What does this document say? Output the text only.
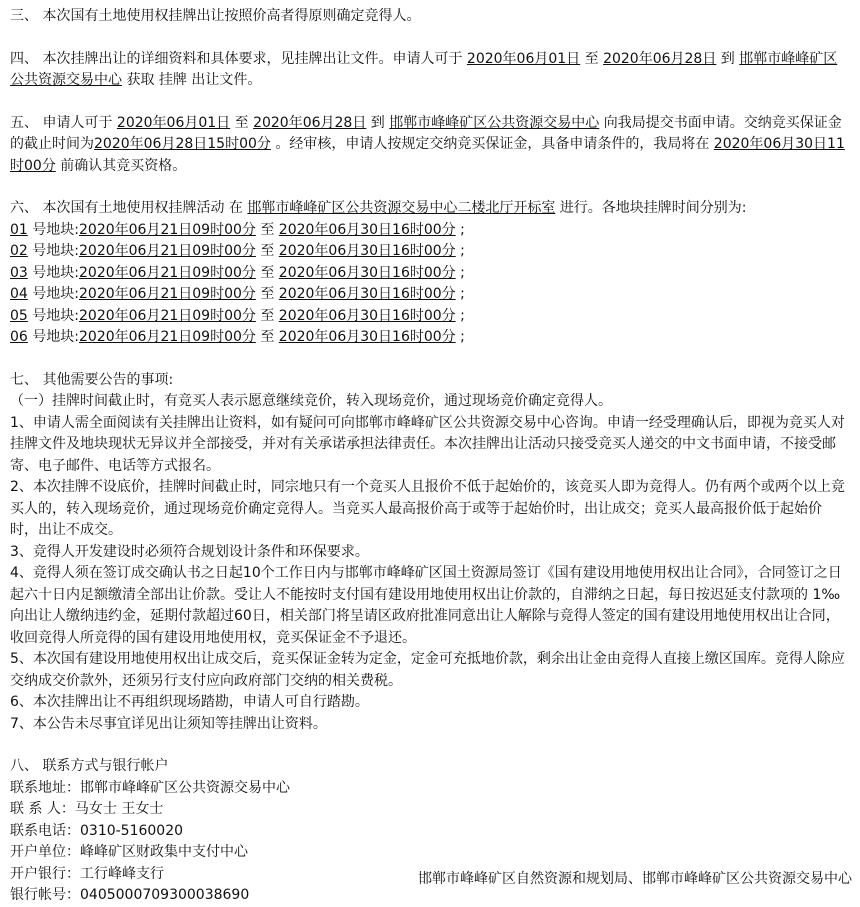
三、 本次国有土地使用权挂牌出让按照价高者得原则确定竞得人。

四、 本次挂牌出让的详细资料和具体要求，见挂牌出让文件。申请人可于 2020年06月01日 至 2020年06月28日 到 邯郸市峰峰矿区公共资源交易中心 获取 挂牌 出让文件。

五、 申请人可于 2020年06月01日 至 2020年06月28日 到 邯郸市峰峰矿区公共资源交易中心 向我局提交书面申请。交纳竞买保证金的截止时间为2020年06月28日15时00分 。经审核，申请人按规定交纳竞买保证金，具备申请条件的，我局将在 2020年06月30日11时00分 前确认其竞买资格。

六、 本次国有土地使用权挂牌活动 在 邯郸市峰峰矿区公共资源交易中心二楼北厅开标室 进行。各地块挂牌时间分别为:

01 号地块:2020年06月21日09时00分 至 2020年06月30日16时00分 ;
02 号地块:2020年06月21日09时00分 至 2020年06月30日16时00分 ;
03 号地块:2020年06月21日09时00分 至 2020年06月30日16时00分 ;
04 号地块:2020年06月21日09时00分 至 2020年06月30日16时00分 ;
05 号地块:2020年06月21日09时00分 至 2020年06月30日16时00分 ;
06 号地块:2020年06月21日09时00分 至 2020年06月30日16时00分 ;

七、 其他需要公告的事项:

（一）挂牌时间截止时，有竞买人表示愿意继续竞价，转入现场竞价，通过现场竞价确定竞得人。

1、申请人需全面阅读有关挂牌出让资料，如有疑问可向邯郸市峰峰矿区公共资源交易中心咨询。申请一经受理确认后，即视为竞买人对挂牌文件及地块现状无异议并全部接受，并对有关承诺承担法律责任。本次挂牌出让活动只接受竞买人递交的中文书面申请，不接受邮寄、电子邮件、电话等方式报名。

2、本次挂牌不设底价，挂牌时间截止时，同宗地只有一个竞买人且报价不低于起始价的，该竞买人即为竞得人。仍有两个或两个以上竞买人的，转入现场竞价，通过现场竞价确定竞得人。当竞买人最高报价高于或等于起始价时，出让成交；竞买人最高报价低于起始价时，出让不成交。

3、竞得人开发建设时必须符合规划设计条件和环保要求。

4、竞得人须在签订成交确认书之日起10个工作日内与邯郸市峰峰矿区国土资源局签订《国有建设用地使用权出让合同》，合同签订之日起六十日内足额缴清全部出让价款。受让人不能按时支付国有建设用地使用权出让价款的，自滞纳之日起，每日按迟延支付款项的 1‰向出让人缴纳违约金，延期付款超过60日，相关部门将呈请区政府批准同意出让人解除与竞得人签定的国有建设用地使用权出让合同，收回竞得人所竞得的国有建设用地使用权，竞买保证金不予退还。

5、本次国有建设用地使用权出让成交后，竞买保证金转为定金，定金可充抵地价款，剩余出让金由竞得人直接上缴区国库。竞得人除应交纳成交价款外，还须另行支付应向政府部门交纳的相关费税。

6、本次挂牌出让不再组织现场踏勘，申请人可自行踏勘。

7、本公告未尽事宜详见出让须知等挂牌出让资料。

八、 联系方式与银行帐户

联系地址：邯郸市峰峰矿区公共资源交易中心
联 系 人：马女士 王女士
联系电话：0310-5160020
开户单位：峰峰矿区财政集中支付中心
开户银行：工行峰峰支行
银行帐号：0405000709300038690
邯郸市峰峰矿区自然资源和规划局、邯郸市峰峰矿区公共资源交易中心
